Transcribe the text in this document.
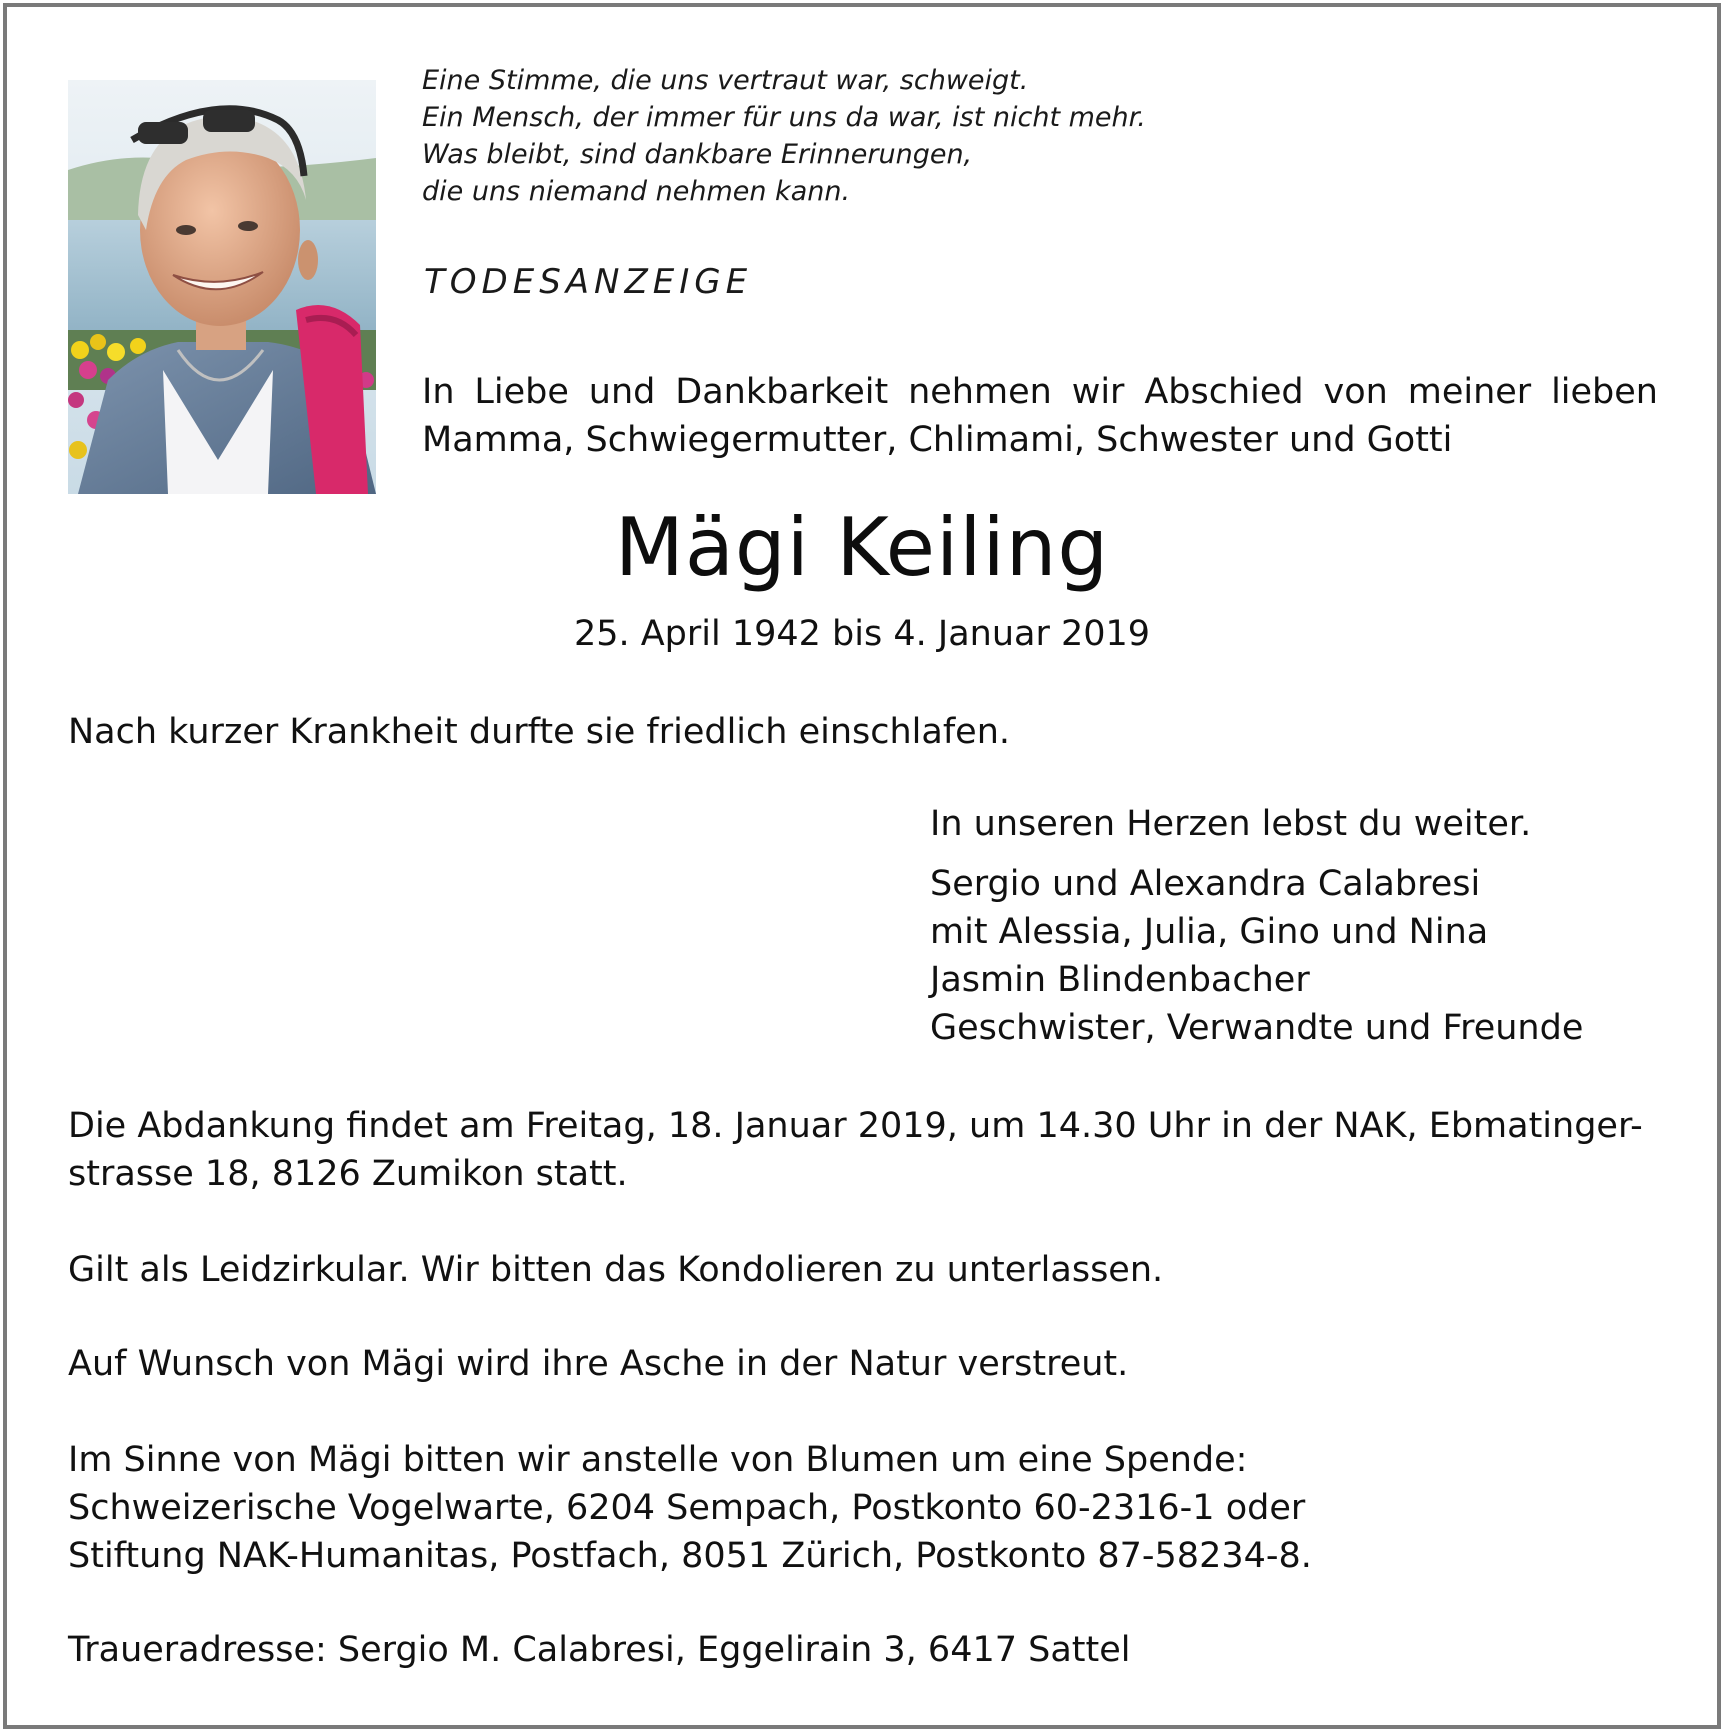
Eine Stimme, die uns vertraut war, schweigt.
Ein Mensch, der immer für uns da war, ist nicht mehr.
Was bleibt, sind dankbare Erinnerungen,
die uns niemand nehmen kann.
TODESANZEIGE
In Liebe und Dankbarkeit nehmen wir Abschied von meiner lieben
Mamma, Schwiegermutter, Chlimami, Schwester und Gotti
Mägi Keiling
25. April 1942 bis 4. Januar 2019
Nach kurzer Krankheit durfte sie friedlich einschlafen.
In unseren Herzen lebst du weiter.
Sergio und Alexandra Calabresi
mit Alessia, Julia, Gino und Nina
Jasmin Blindenbacher
Geschwister, Verwandte und Freunde
Die Abdankung findet am Freitag, 18. Januar 2019, um 14.30 Uhr in der NAK, Ebmatinger-
strasse 18, 8126 Zumikon statt.
Gilt als Leidzirkular. Wir bitten das Kondolieren zu unterlassen.
Auf Wunsch von Mägi wird ihre Asche in der Natur verstreut.
Im Sinne von Mägi bitten wir anstelle von Blumen um eine Spende:
Schweizerische Vogelwarte, 6204 Sempach, Postkonto 60-2316-1 oder
Stiftung NAK-Humanitas, Postfach, 8051 Zürich, Postkonto 87-58234-8.
Traueradresse: Sergio M. Calabresi, Eggelirain 3, 6417 Sattel
